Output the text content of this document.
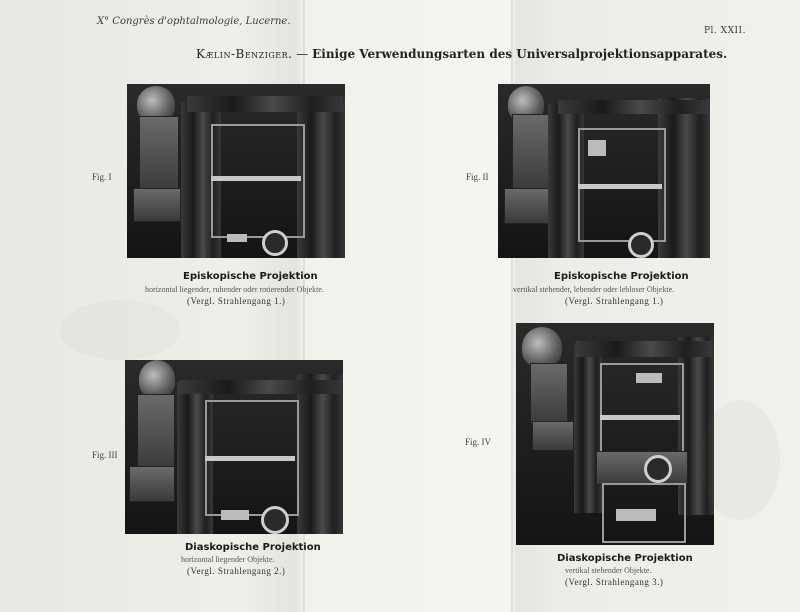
X° Congrès d'ophtalmologie, Lucerne.
Pl. XXII.
Kælin-Benziger. — Einige Verwendungsarten des Universalprojektionsapparates.
Fig. I
Episkopische Projektion
horizontal liegender, ruhender oder rotierender Objekte.
(Vergl. Strahlengang 1.)
Fig. II
Episkopische Projektion
vertikal stehender, lebender oder lebloser Objekte.
(Vergl. Strahlengang 1.)
Fig. III
Diaskopische Projektion
horizontal liegender Objekte.
(Vergl. Strahlengang 2.)
Fig. IV
Diaskopische Projektion
vertikal stehender Objekte.
(Vergl. Strahlengang 3.)
